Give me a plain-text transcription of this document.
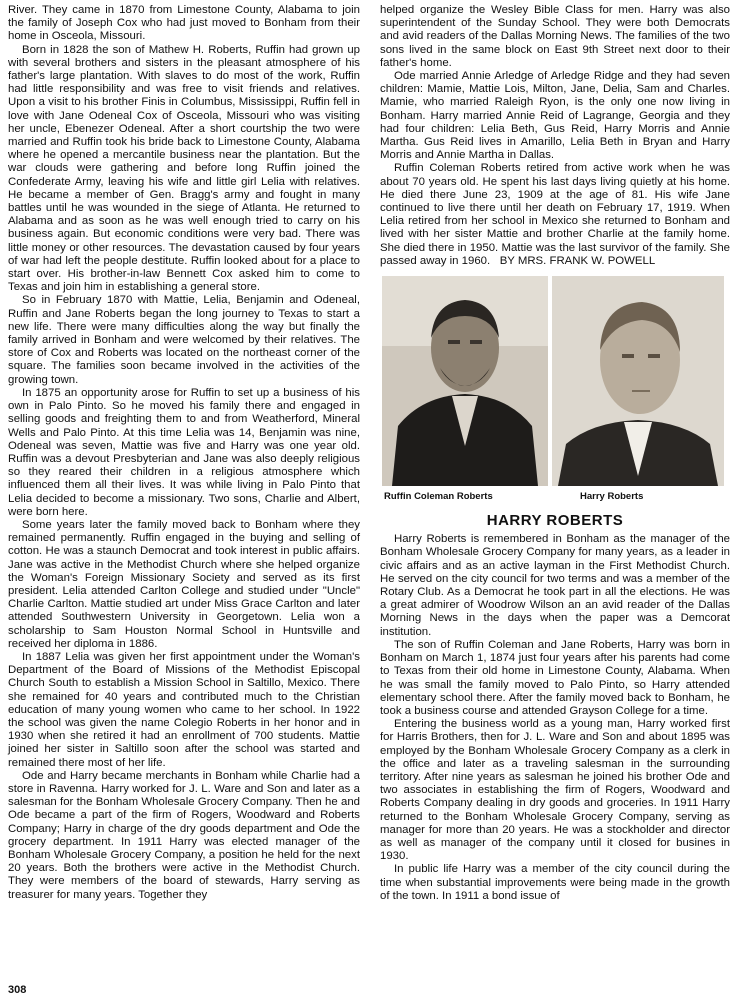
River. They came in 1870 from Limestone County, Alabama to join the family of Joseph Cox who had just moved to Bonham from their home in Osceola, Missouri.

Born in 1828 the son of Mathew H. Roberts, Ruffin had grown up with several brothers and sisters in the pleasant atmosphere of his father's large plantation. With slaves to do most of the work, Ruffin had little responsibility and was free to visit friends and relatives. Upon a visit to his brother Finis in Columbus, Mississippi, Ruffin fell in love with Jane Odeneal Cox of Osceola, Missouri who was visiting her uncle, Ebenezer Odeneal. After a short courtship the two were married and Ruffin took his bride back to Limestone County, Alabama where he opened a mercantile business near the plantation. But the war clouds were gathering and before long Ruffin joined the Confederate Army, leaving his wife and little girl Lelia with relatives. He became a member of Gen. Bragg's army and fought in many battles until he was wounded in the siege of Atlanta. He returned to Alabama and as soon as he was well enough tried to carry on his business again. But economic conditions were very bad. There was little money or other resources. The devastation caused by four years of war had left the people destitute. Ruffin looked about for a place to start over. His brother-in-law Bennett Cox asked him to come to Texas and join him in establishing a general store.

So in February 1870 with Mattie, Lelia, Benjamin and Odeneal, Ruffin and Jane Roberts began the long journey to Texas to start a new life. There were many difficulties along the way but finally the family arrived in Bonham and were welcomed by their relatives. The store of Cox and Roberts was located on the northeast corner of the square. The families soon became involved in the activities of the growing town.

In 1875 an opportunity arose for Ruffin to set up a business of his own in Palo Pinto. So he moved his family there and engaged in selling goods and freighting them to and from Weatherford, Mineral Wells and Palo Pinto. At this time Lelia was 14, Benjamin was nine, Odeneal was seven, Mattie was five and Harry was one year old. Ruffin was a devout Presbyterian and Jane was also deeply religious so they reared their children in a religious atmosphere which influenced them all their lives. It was while living in Palo Pinto that Lelia decided to become a missionary. Two sons, Charlie and Albert, were born here.

Some years later the family moved back to Bonham where they remained permanently. Ruffin engaged in the buying and selling of cotton. He was a staunch Democrat and took interest in public affairs. Jane was active in the Methodist Church where she helped organize the Woman's Foreign Missionary Society and served as its first president. Lelia attended Carlton College and studied under "Uncle" Charlie Carlton. Mattie studied art under Miss Grace Carlton and later attended Southwestern University in Georgetown. Lelia won a scholarship to Sam Houston Normal School in Huntsville and received her diploma in 1886.

In 1887 Lelia was given her first appointment under the Woman's Department of the Board of Missions of the Methodist Episcopal Church South to establish a Mission School in Saltillo, Mexico. There she remained for 40 years and contributed much to the Christian education of many young women who came to her school. In 1922 the school was given the name Colegio Roberts in her honor and in 1930 when she retired it had an enrollment of 700 students. Mattie joined her sister in Saltillo soon after the school was started and remained there most of her life.

Ode and Harry became merchants in Bonham while Charlie had a store in Ravenna. Harry worked for J. L. Ware and Son and later as a salesman for the Bonham Wholesale Grocery Company. Then he and Ode became a part of the firm of Rogers, Woodward and Roberts Company; Harry in charge of the dry goods department and Ode the grocery department. In 1911 Harry was elected manager of the Bonham Wholesale Grocery Company, a position he held for the next 20 years. Both the brothers were active in the Methodist Church. They were members of the board of stewards, Harry serving as treasurer for many years. Together they

helped organize the Wesley Bible Class for men. Harry was also superintendent of the Sunday School. They were both Democrats and avid readers of the Dallas Morning News. The families of the two sons lived in the same block on East 9th Street next door to their father's home.

Ode married Annie Arledge of Arledge Ridge and they had seven children: Mamie, Mattie Lois, Milton, Jane, Delia, Sam and Charles. Mamie, who married Raleigh Ryon, is the only one now living in Bonham. Harry married Annie Reid of Lagrange, Georgia and they had four children: Lelia Beth, Gus Reid, Harry Morris and Annie Martha. Gus Reid lives in Amarillo, Lelia Beth in Bryan and Harry Morris and Annie Martha in Dallas.

Ruffin Coleman Roberts retired from active work when he was about 70 years old. He spent his last days living quietly at his home. He died there June 23, 1909 at the age of 81. His wife Jane continued to live there until her death on February 17, 1919. When Lelia retired from her school in Mexico she returned to Bonham and lived with her sister Mattie and brother Charlie at the family home. She died there in 1950. Mattie was the last survivor of the family. She passed away in 1960. BY MRS. FRANK W. POWELL

Ruffin Coleman Roberts	Harry Roberts
HARRY ROBERTS

Harry Roberts is remembered in Bonham as the manager of the Bonham Wholesale Grocery Company for many years, as a leader in civic affairs and as an active layman in the First Methodist Church. He served on the city council for two terms and was a member of the Rotary Club. As a Democrat he took part in all the elections. He was a great admirer of Woodrow Wilson an an avid reader of the Dallas Morning News in the days when the paper was a Demcorat institution.

The son of Ruffin Coleman and Jane Roberts, Harry was born in Bonham on March 1, 1874 just four years after his parents had come to Texas from their old home in Limestone County, Alabama. When he was small the family moved to Palo Pinto, so Harry attended elementary school there. After the family moved back to Bonham, he took a business course and attended Grayson College for a time.

Entering the business world as a young man, Harry worked first for Harris Brothers, then for J. L. Ware and Son and about 1895 was employed by the Bonham Wholesale Grocery Company as a clerk in the office and later as a traveling salesman in the surrounding territory. After nine years as salesman he joined his brother Ode and two associates in establishing the firm of Rogers, Woodward and Roberts Company dealing in dry goods and groceries. In 1911 Harry returned to the Bonham Wholesale Grocery Company, serving as manager for more than 20 years. He was a stockholder and director as well as manager of the company until it closed for busines in 1930.

In public life Harry was a member of the city council during the time when substantial improvements were being made in the growth of the town. In 1911 a bond issue of

308
